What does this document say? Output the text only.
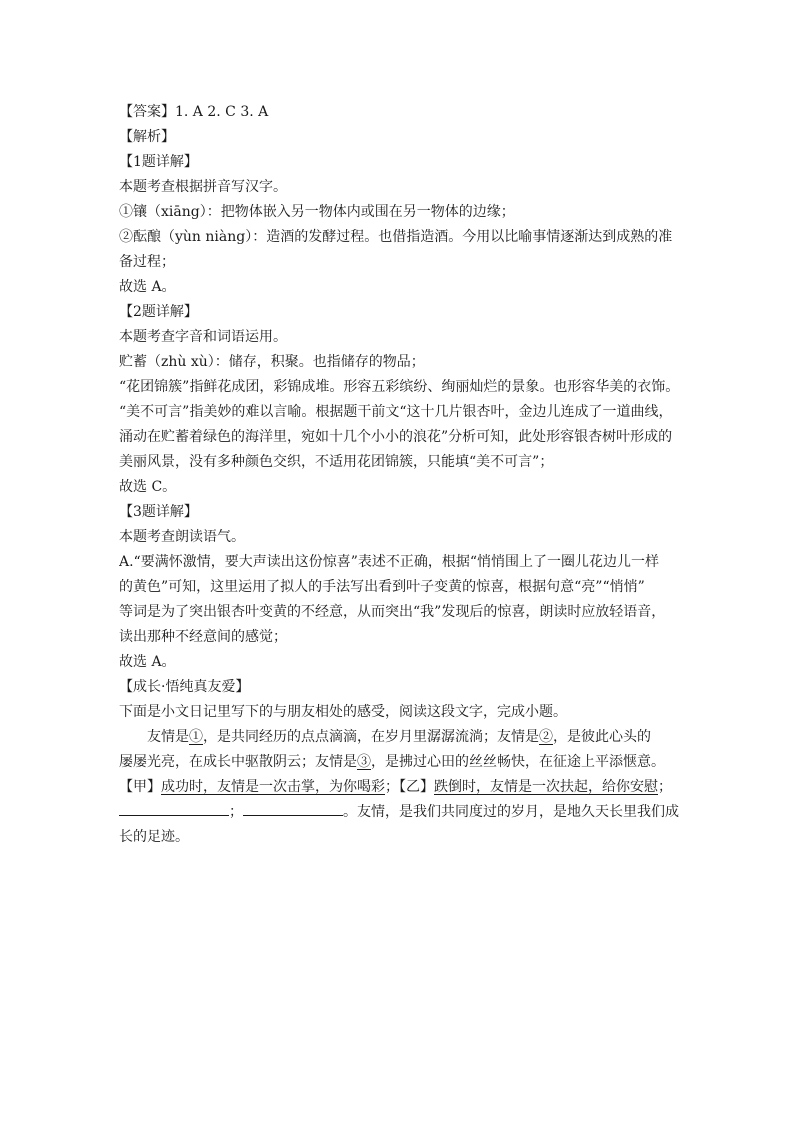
【答案】1. A 2. C 3. A
【解析】
【1题详解】
本题考查根据拼音写汉字。
①镶（xiāng）：把物体嵌入另一物体内或围在另一物体的边缘；
②酝酿（yùn niàng）：造酒的发酵过程。也借指造酒。今用以比喻事情逐渐达到成熟的准
备过程；
故选 A。
【2题详解】
本题考查字音和词语运用。
贮蓄（zhù xù）：储存，积聚。也指储存的物品；
“花团锦簇”指鲜花成团，彩锦成堆。形容五彩缤纷、绚丽灿烂的景象。也形容华美的衣饰。
“美不可言”指美妙的难以言喻。根据题干前文“这十几片银杏叶，金边儿连成了一道曲线，
涌动在贮蓄着绿色的海洋里，宛如十几个小小的浪花”分析可知，此处形容银杏树叶形成的
美丽风景，没有多种颜色交织，不适用花团锦簇，只能填“美不可言”；
故选 C。
【3题详解】
本题考查朗读语气。
A.“要满怀激情，要大声读出这份惊喜”表述不正确，根据“悄悄围上了一圈儿花边儿一样
的黄色”可知，这里运用了拟人的手法写出看到叶子变黄的惊喜，根据句意“亮”“悄悄”
等词是为了突出银杏叶变黄的不经意，从而突出“我”发现后的惊喜，朗读时应放轻语音，
读出那种不经意间的感觉；
故选 A。
【成长·悟纯真友爱】
下面是小文日记里写下的与朋友相处的感受，阅读这段文字，完成小题。
友情是①，是共同经历的点点滴滴，在岁月里潺潺流淌；友情是②，是彼此心头的
屡屡光亮，在成长中驱散阴云；友情是③，是拂过心田的丝丝畅快，在征途上平添惬意。
【甲】成功时，友情是一次击掌，为你喝彩；【乙】跌倒时，友情是一次扶起，给你安慰；
；	。友情，是我们共同度过的岁月，是地久天长里我们成
长的足迹。
